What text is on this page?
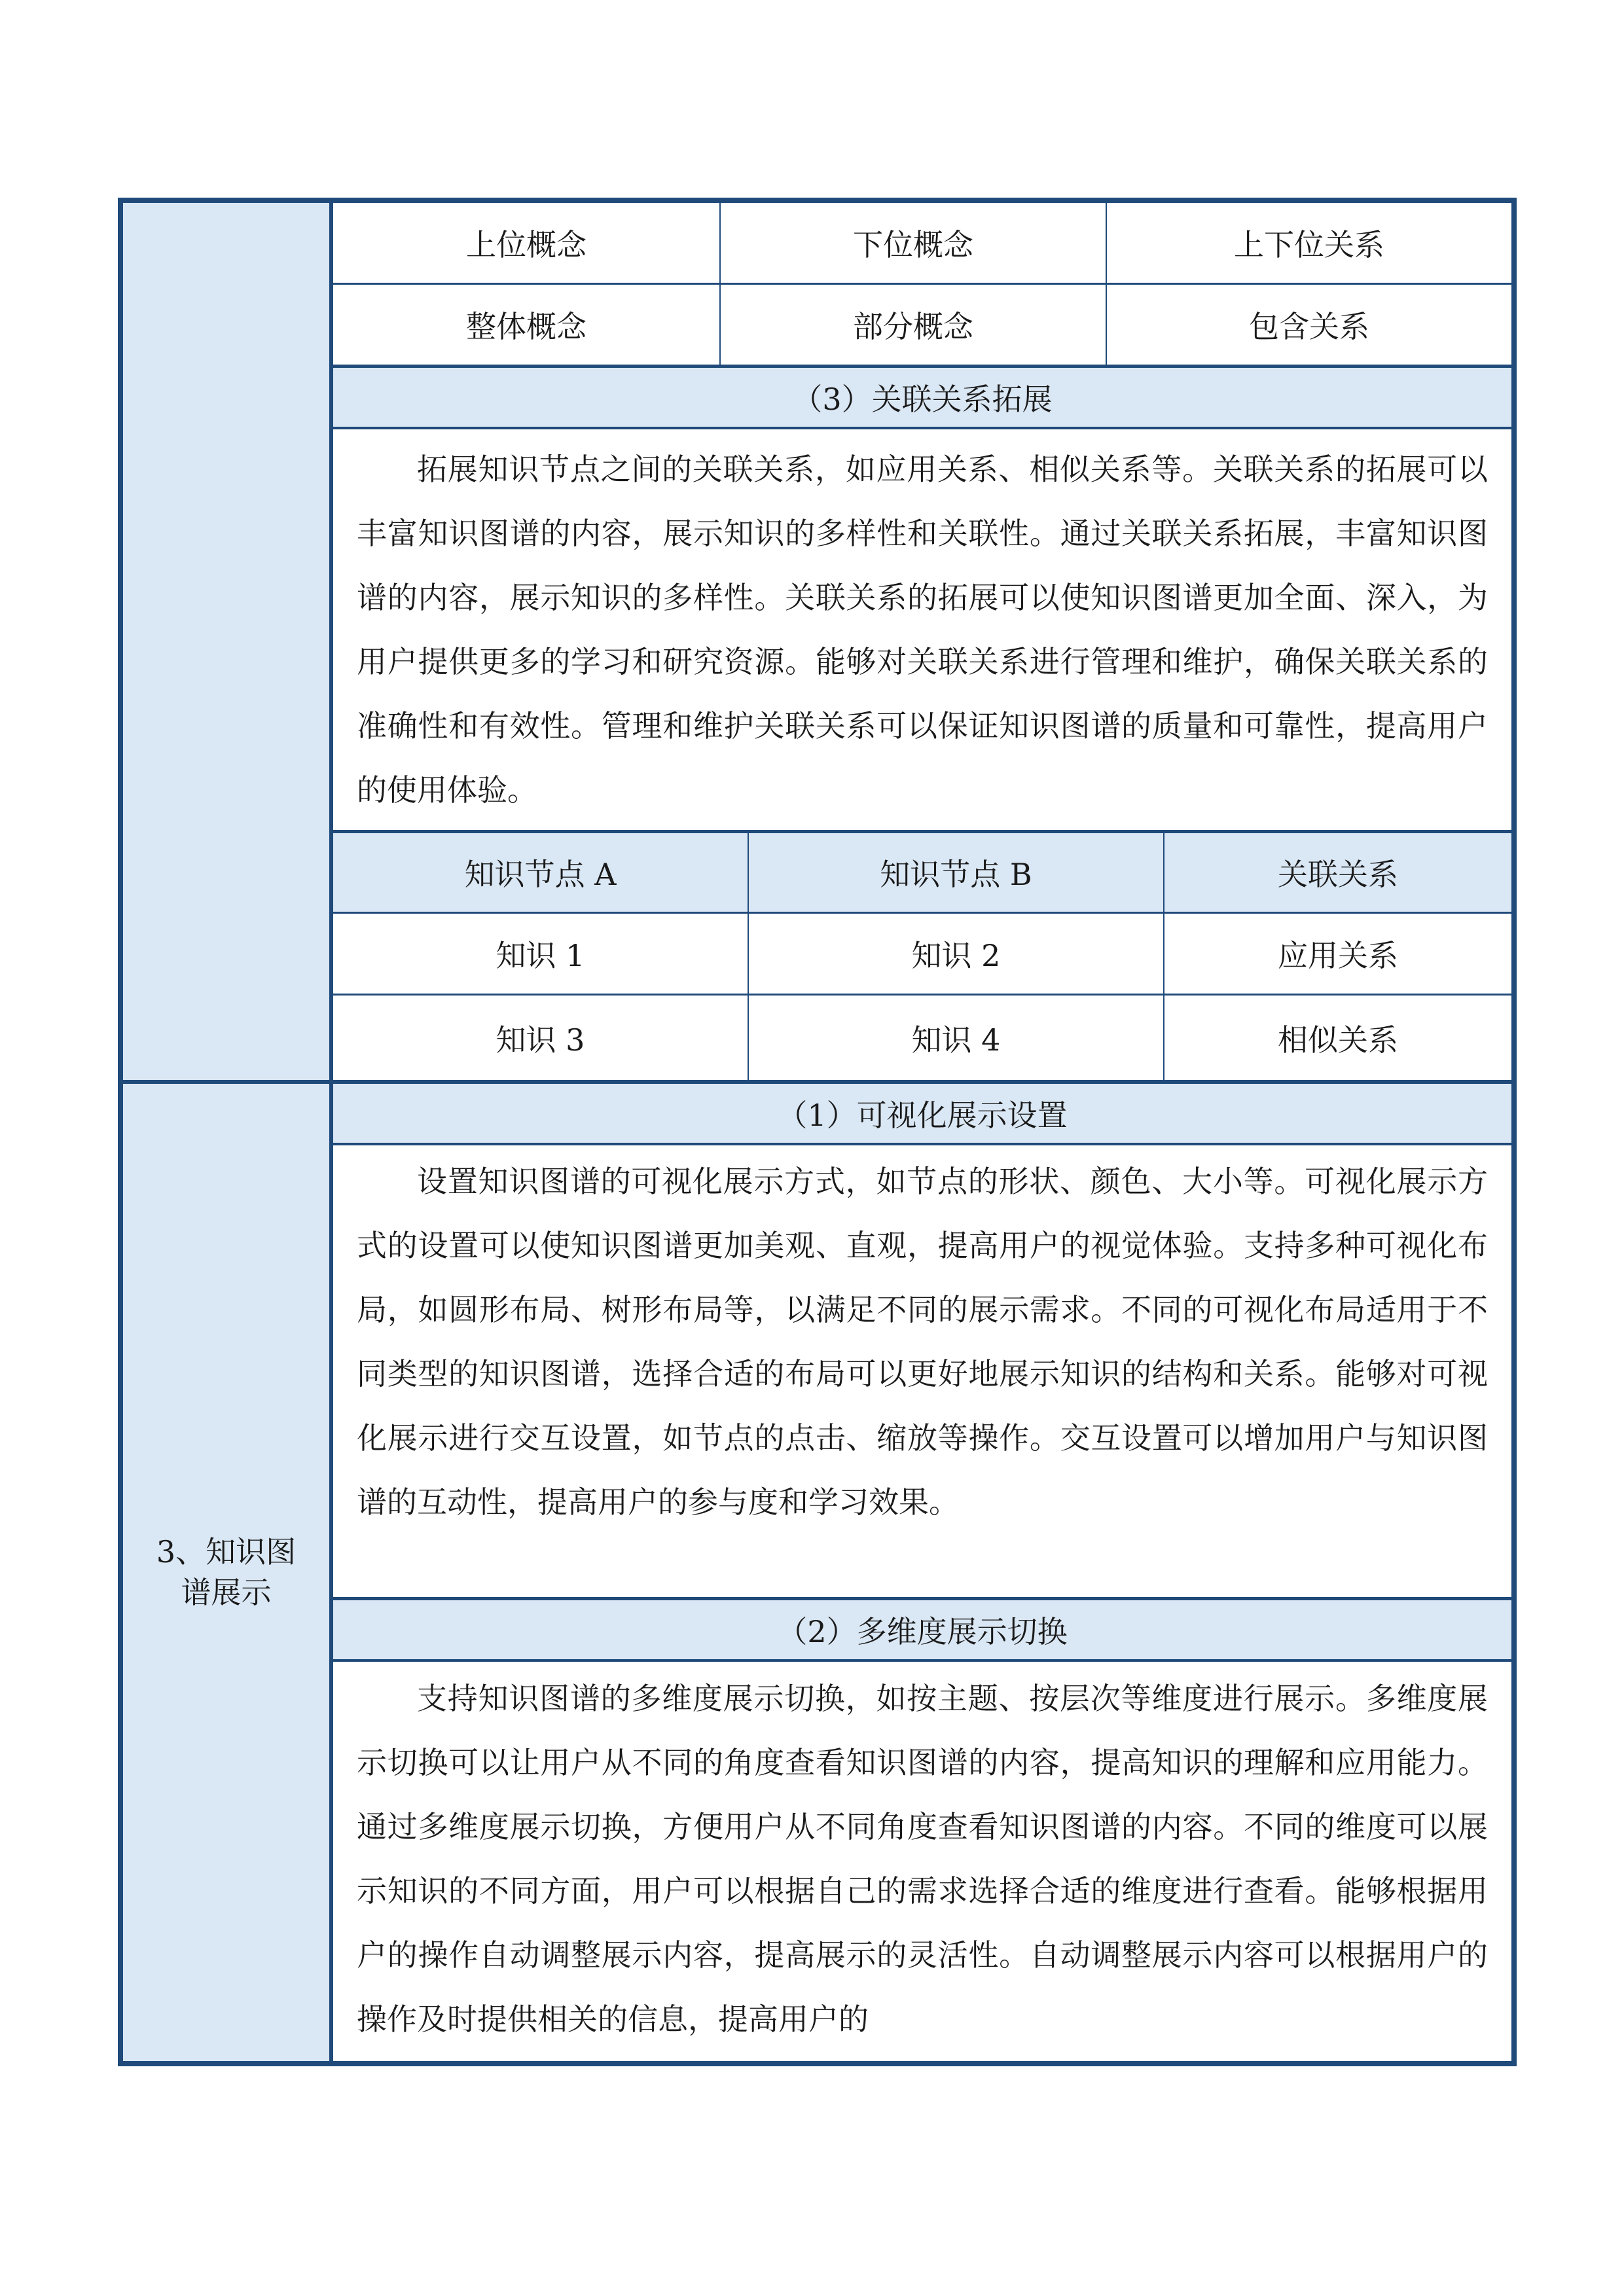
3、知识图
谱展示
上位概念	下位概念	上下位关系
整体概念	部分概念	包含关系
（3）关联关系拓展
拓展知识节点之间的关联关系，如应用关系、相似关系等。关联关系的拓展可以丰富知识图谱的内容，展示知识的多样性和关联性。通过关联关系拓展，丰富知识图谱的内容，展示知识的多样性。关联关系的拓展可以使知识图谱更加全面、深入，为用户提供更多的学习和研究资源。能够对关联关系进行管理和维护，确保关联关系的准确性和有效性。管理和维护关联关系可以保证知识图谱的质量和可靠性，提高用户的使用体验。
知识节点 A	知识节点 B	关联关系
知识 1	知识 2	应用关系
知识 3	知识 4	相似关系
（1）可视化展示设置
设置知识图谱的可视化展示方式，如节点的形状、颜色、大小等。可视化展示方式的设置可以使知识图谱更加美观、直观，提高用户的视觉体验。支持多种可视化布局，如圆形布局、树形布局等，以满足不同的展示需求。不同的可视化布局适用于不同类型的知识图谱，选择合适的布局可以更好地展示知识的结构和关系。能够对可视化展示进行交互设置，如节点的点击、缩放等操作。交互设置可以增加用户与知识图谱的互动性，提高用户的参与度和学习效果。
（2）多维度展示切换
支持知识图谱的多维度展示切换，如按主题、按层次等维度进行展示。多维度展示切换可以让用户从不同的角度查看知识图谱的内容，提高知识的理解和应用能力。通过多维度展示切换，方便用户从不同角度查看知识图谱的内容。不同的维度可以展示知识的不同方面，用户可以根据自己的需求选择合适的维度进行查看。能够根据用户的操作自动调整展示内容，提高展示的灵活性。自动调整展示内容可以根据用户的操作及时提供相关的信息，提高用户的
